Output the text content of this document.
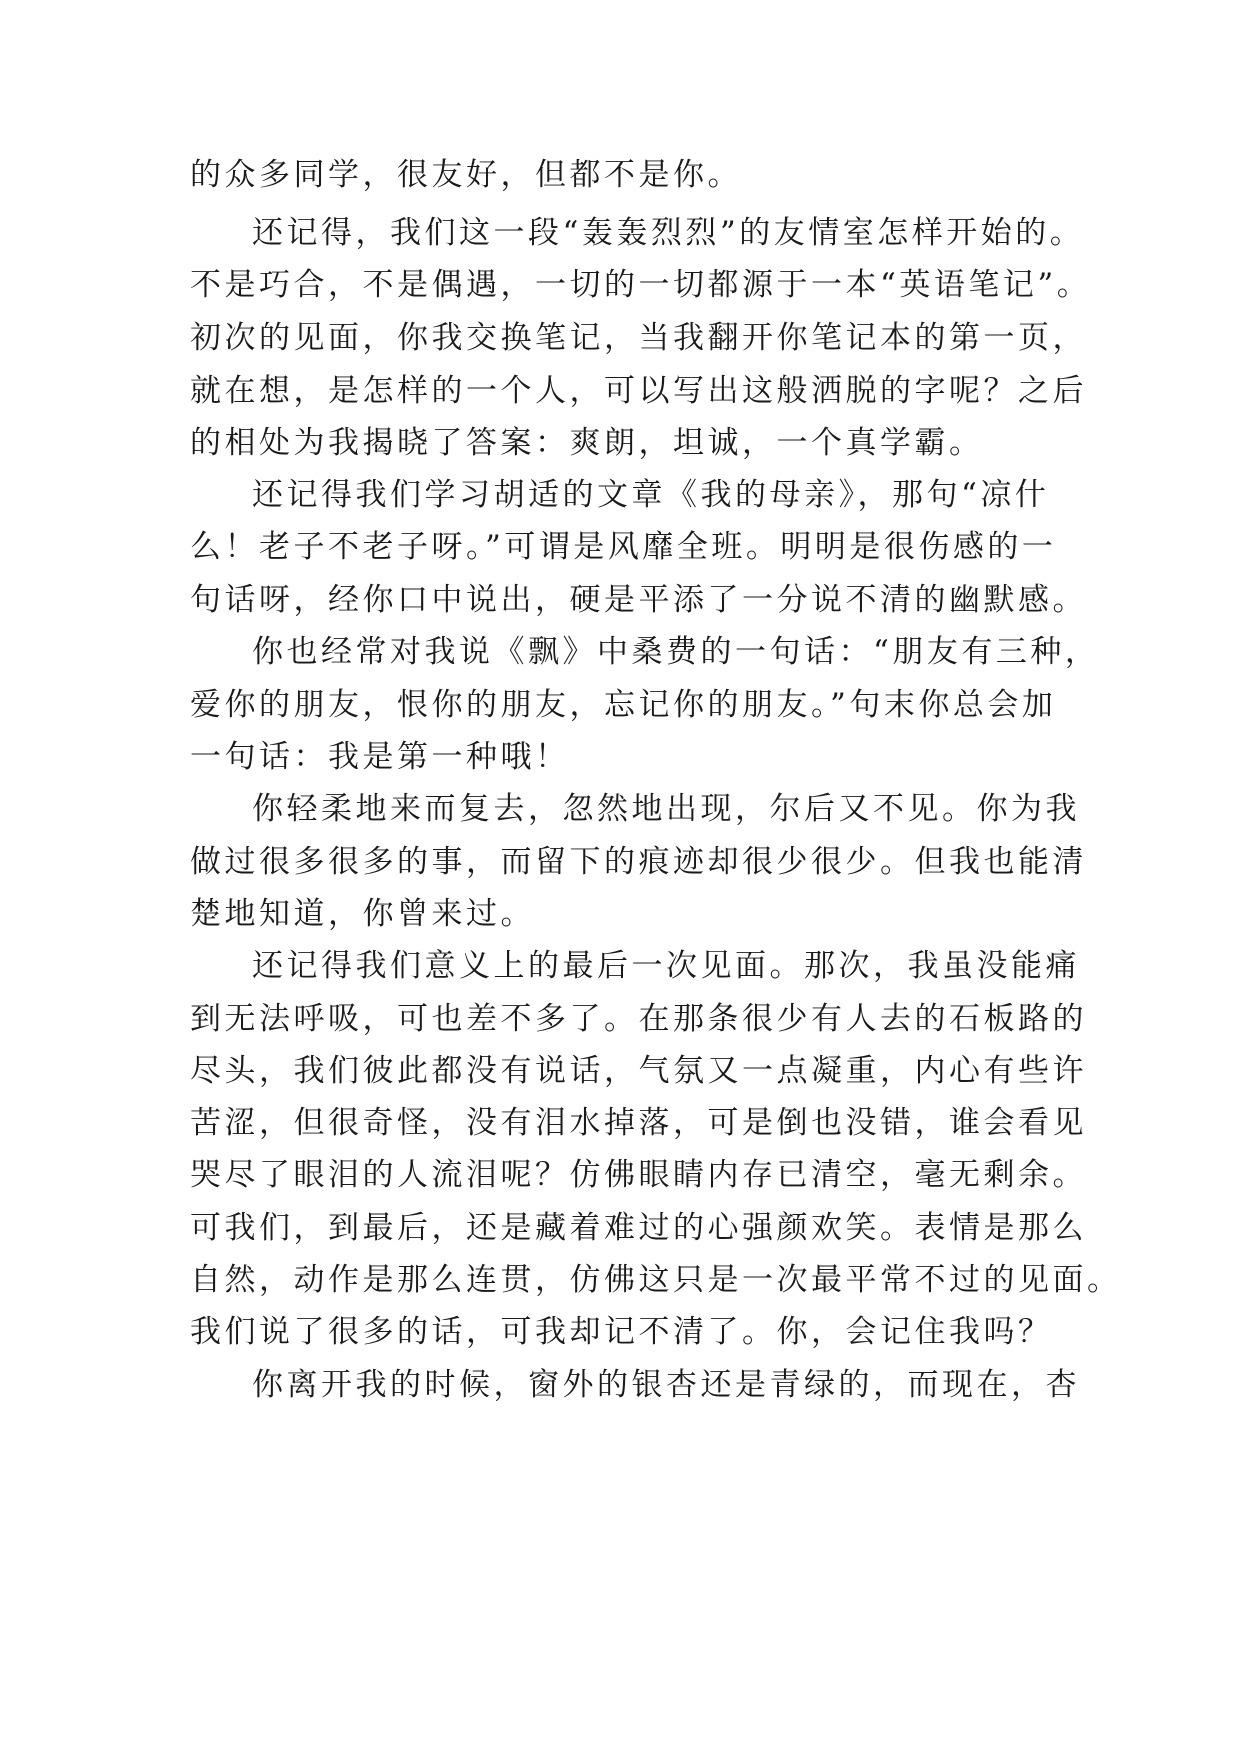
的众多同学，很友好，但都不是你。
还记得，我们这一段“轰轰烈烈”的友情室怎样开始的。
不是巧合，不是偶遇，一切的一切都源于一本“英语笔记”。
初次的见面，你我交换笔记，当我翻开你笔记本的第一页，
就在想，是怎样的一个人，可以写出这般洒脱的字呢？之后
的相处为我揭晓了答案：爽朗，坦诚，一个真学霸。
还记得我们学习胡适的文章《我的母亲》，那句“凉什
么！老子不老子呀。”可谓是风靡全班。明明是很伤感的一
句话呀，经你口中说出，硬是平添了一分说不清的幽默感。
你也经常对我说《飘》中桑费的一句话：“朋友有三种，
爱你的朋友，恨你的朋友，忘记你的朋友。”句末你总会加
一句话：我是第一种哦！
你轻柔地来而复去，忽然地出现，尔后又不见。你为我
做过很多很多的事，而留下的痕迹却很少很少。但我也能清
楚地知道，你曾来过。
还记得我们意义上的最后一次见面。那次，我虽没能痛
到无法呼吸，可也差不多了。在那条很少有人去的石板路的
尽头，我们彼此都没有说话，气氛又一点凝重，内心有些许
苦涩，但很奇怪，没有泪水掉落，可是倒也没错，谁会看见
哭尽了眼泪的人流泪呢？仿佛眼睛内存已清空，毫无剩余。
可我们，到最后，还是藏着难过的心强颜欢笑。表情是那么
自然，动作是那么连贯，仿佛这只是一次最平常不过的见面。
我们说了很多的话，可我却记不清了。你，会记住我吗？
你离开我的时候，窗外的银杏还是青绿的，而现在，杏
